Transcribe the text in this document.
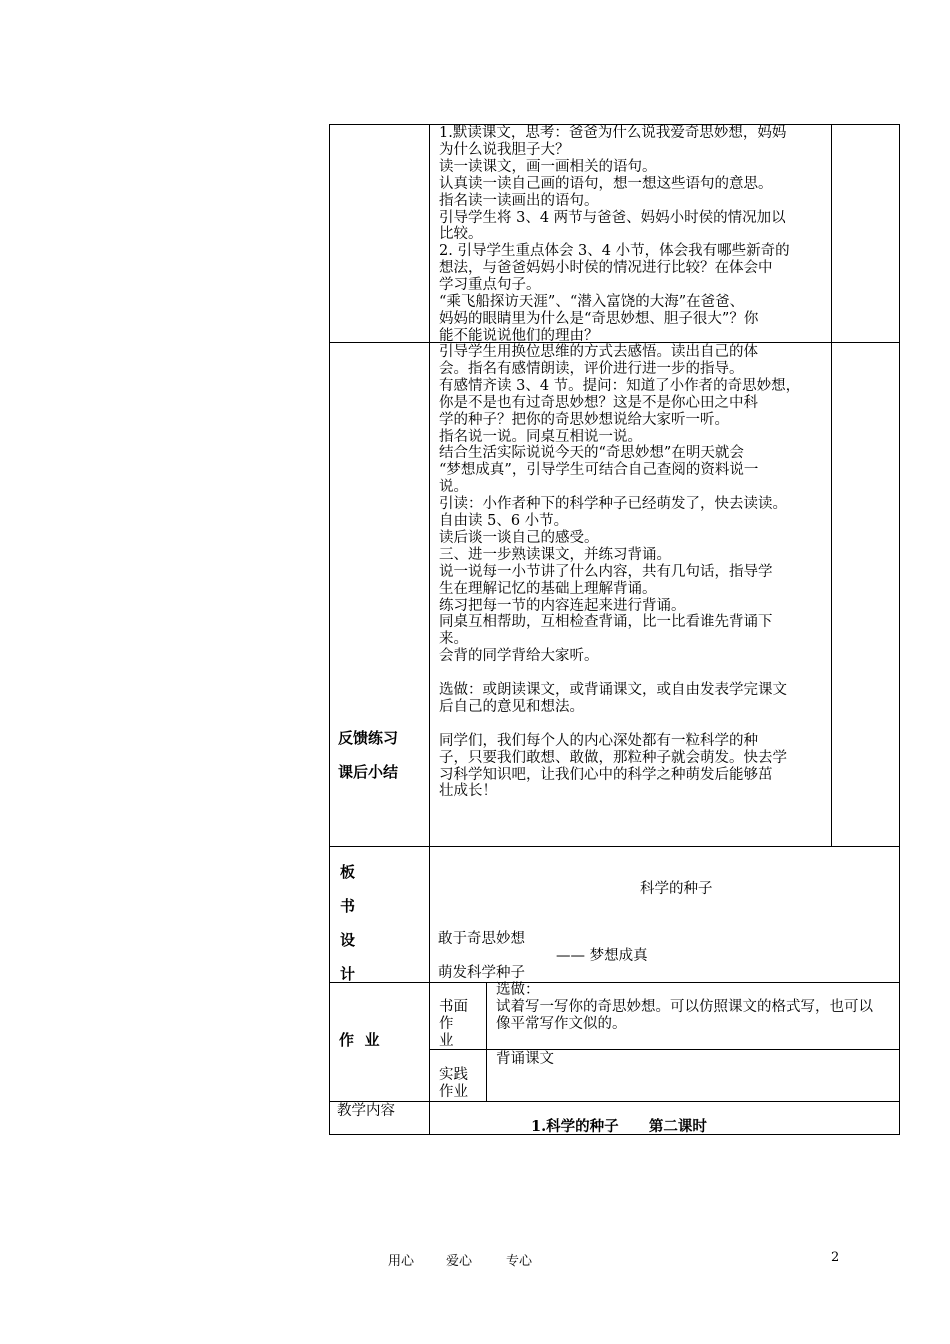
1.默读课文，思考：爸爸为什么说我爱奇思妙想，妈妈
为什么说我胆子大？
读一读课文，画一画相关的语句。
认真读一读自己画的语句，想一想这些语句的意思。
指名读一读画出的语句。
引导学生将 3、4 两节与爸爸、妈妈小时侯的情况加以
比较。
2. 引导学生重点体会 3、4 小节，体会我有哪些新奇的
想法，与爸爸妈妈小时侯的情况进行比较？在体会中
学习重点句子。
“乘飞船探访天涯”、“潜入富饶的大海”在爸爸、
妈妈的眼睛里为什么是“奇思妙想、胆子很大”？你
能不能说说他们的理由？
反馈练习
课后小结
引导学生用换位思维的方式去感悟。读出自己的体
会。指名有感情朗读，评价进行进一步的指导。
有感情齐读 3、4 节。提问：知道了小作者的奇思妙想，
你是不是也有过奇思妙想？这是不是你心田之中科
学的种子？把你的奇思妙想说给大家听一听。
指名说一说。同桌互相说一说。
结合生活实际说说今天的“奇思妙想”在明天就会
“梦想成真”，引导学生可结合自己查阅的资料说一
说。
引读：小作者种下的科学种子已经萌发了，快去读读。
自由读 5、6 小节。
读后谈一谈自己的感受。
三、进一步熟读课文，并练习背诵。
说一说每一小节讲了什么内容，共有几句话，指导学
生在理解记忆的基础上理解背诵。
练习把每一节的内容连起来进行背诵。
同桌互相帮助，互相检查背诵，比一比看谁先背诵下
来。
会背的同学背给大家听。
选做：或朗读课文，或背诵课文，或自由发表学完课文
后自己的意见和想法。
同学们，我们每个人的内心深处都有一粒科学的种
子，只要我们敢想、敢做，那粒种子就会萌发。快去学
习科学知识吧，让我们心中的科学之种萌发后能够茁
壮成长！
板
书
设
计
科学的种子
敢于奇思妙想
—— 梦想成真
萌发科学种子
作  业
书面
作
业
选做：
试着写一写你的奇思妙想。可以仿照课文的格式写，也可以
像平常写作文似的。
实践
作业
背诵课文
教学内容
1.科学的种子      第二课时
用心 爱心	专心	2
